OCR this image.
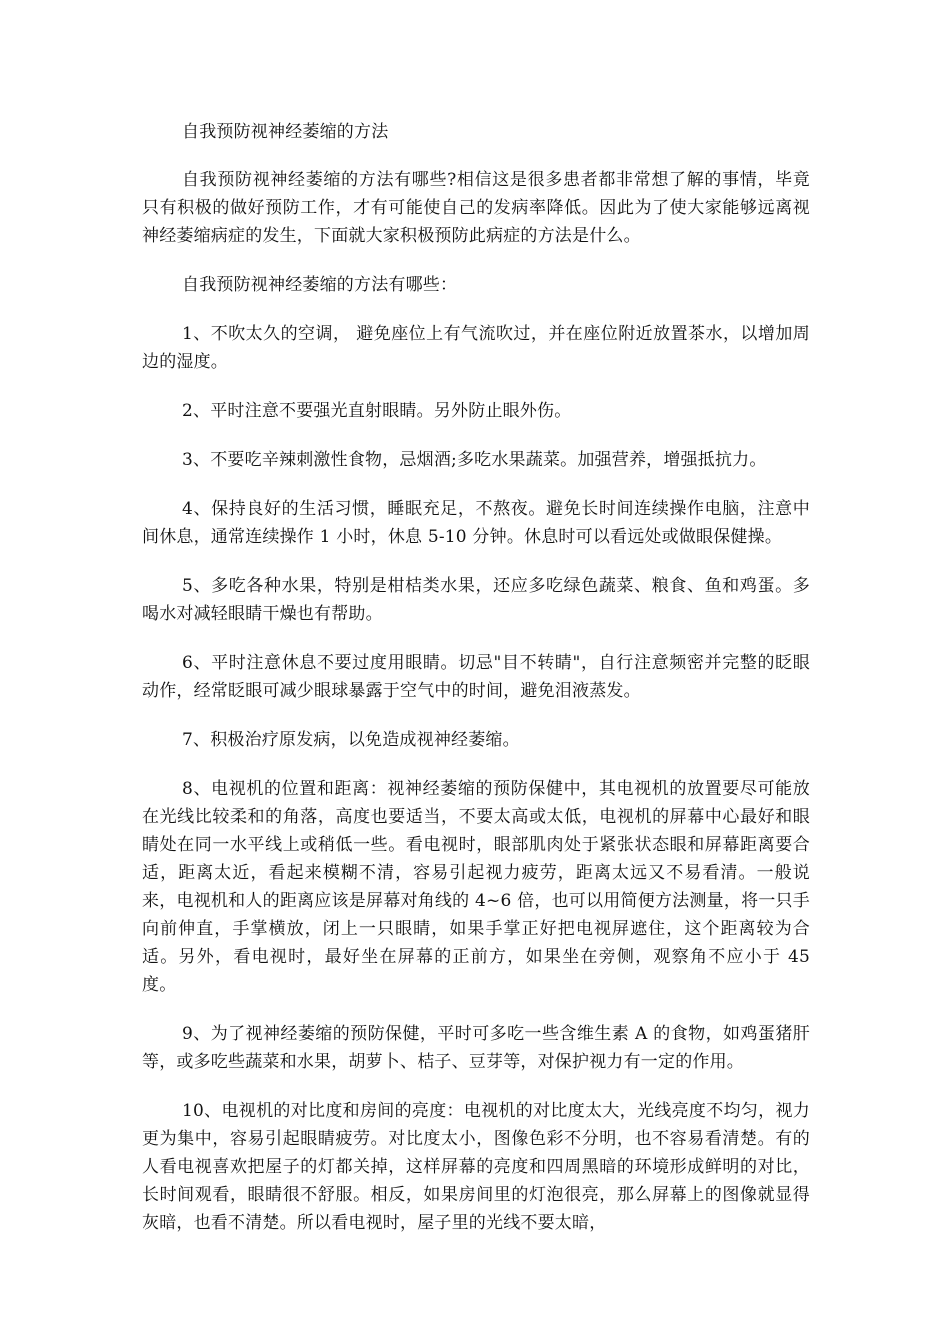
自我预防视神经萎缩的方法

自我预防视神经萎缩的方法有哪些?相信这是很多患者都非常想了解的事情，毕竟只有积极的做好预防工作，才有可能使自己的发病率降低。因此为了使大家能够远离视神经萎缩病症的发生，下面就大家积极预防此病症的方法是什么。

自我预防视神经萎缩的方法有哪些：

1、不吹太久的空调， 避免座位上有气流吹过，并在座位附近放置茶水，以增加周边的湿度。

2、平时注意不要强光直射眼睛。另外防止眼外伤。

3、不要吃辛辣刺激性食物，忌烟酒;多吃水果蔬菜。加强营养，增强抵抗力。

4、保持良好的生活习惯，睡眠充足，不熬夜。避免长时间连续操作电脑，注意中间休息，通常连续操作 1 小时，休息 5-10 分钟。休息时可以看远处或做眼保健操。

5、多吃各种水果，特别是柑桔类水果，还应多吃绿色蔬菜、粮食、鱼和鸡蛋。多喝水对减轻眼睛干燥也有帮助。

6、平时注意休息不要过度用眼睛。切忌"目不转睛"，自行注意频密并完整的眨眼动作，经常眨眼可减少眼球暴露于空气中的时间，避免泪液蒸发。

7、积极治疗原发病，以免造成视神经萎缩。

8、电视机的位置和距离：视神经萎缩的预防保健中，其电视机的放置要尽可能放在光线比较柔和的角落，高度也要适当，不要太高或太低，电视机的屏幕中心最好和眼睛处在同一水平线上或稍低一些。看电视时，眼部肌肉处于紧张状态眼和屏幕距离要合适，距离太近，看起来模糊不清，容易引起视力疲劳，距离太远又不易看清。一般说来，电视机和人的距离应该是屏幕对角线的 4~6 倍，也可以用简便方法测量，将一只手向前伸直，手掌横放，闭上一只眼睛，如果手掌正好把电视屏遮住，这个距离较为合适。另外，看电视时，最好坐在屏幕的正前方，如果坐在旁侧，观察角不应小于 45 度。

9、为了视神经萎缩的预防保健，平时可多吃一些含维生素 A 的食物，如鸡蛋猪肝等，或多吃些蔬菜和水果，胡萝卜、桔子、豆芽等，对保护视力有一定的作用。

10、电视机的对比度和房间的亮度：电视机的对比度太大，光线亮度不均匀，视力更为集中，容易引起眼睛疲劳。对比度太小，图像色彩不分明，也不容易看清楚。有的人看电视喜欢把屋子的灯都关掉，这样屏幕的亮度和四周黑暗的环境形成鲜明的对比，长时间观看，眼睛很不舒服。相反，如果房间里的灯泡很亮，那么屏幕上的图像就显得灰暗，也看不清楚。所以看电视时，屋子里的光线不要太暗，
